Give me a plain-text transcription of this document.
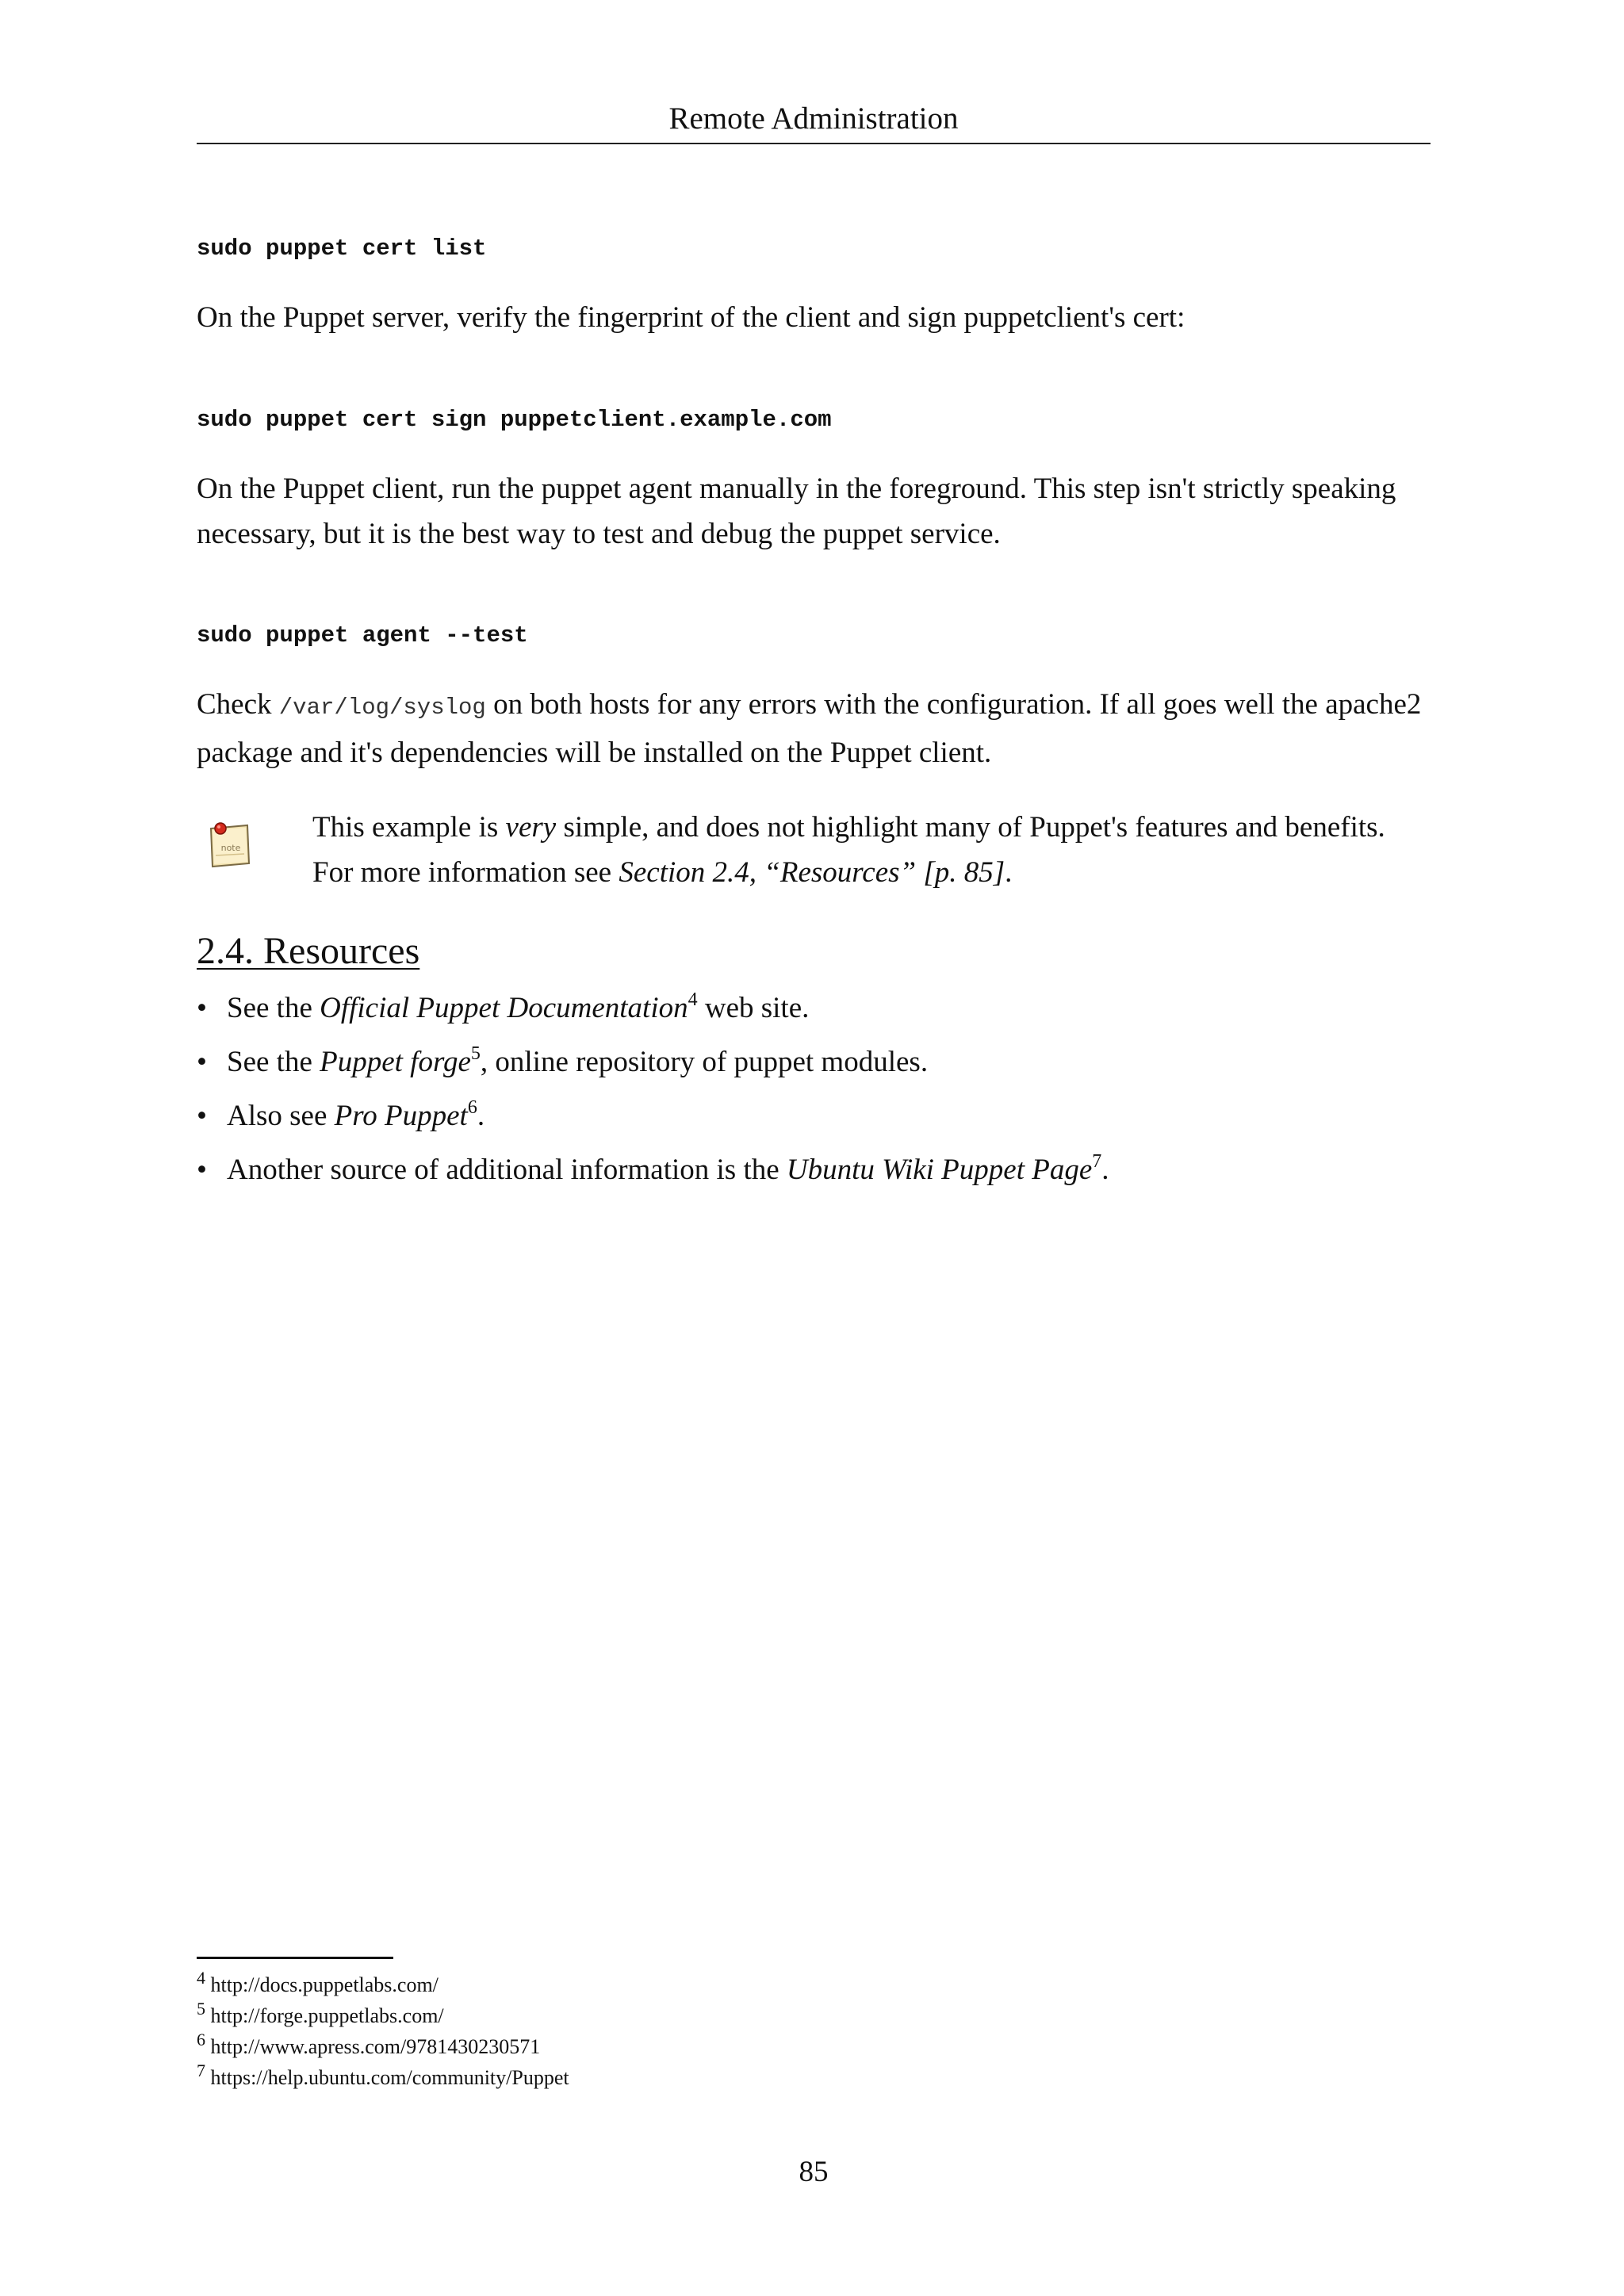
Remote Administration
sudo puppet cert list
On the Puppet server, verify the fingerprint of the client and sign puppetclient's cert:
sudo puppet cert sign puppetclient.example.com
On the Puppet client, run the puppet agent manually in the foreground. This step isn't strictly speaking necessary, but it is the best way to test and debug the puppet service.
sudo puppet agent --test
Check /var/log/syslog on both hosts for any errors with the configuration. If all goes well the apache2 package and it's dependencies will be installed on the Puppet client.
note
This example is very simple, and does not highlight many of Puppet's features and benefits. For more information see Section 2.4, “Resources” [p. 85].
2.4. Resources
• See the Official Puppet Documentation$^4$ web site.
• See the Puppet forge$^5$, online repository of puppet modules.
• Also see Pro Puppet$^6$.
• Another source of additional information is the Ubuntu Wiki Puppet Page$^7$.
$^4$ http://docs.puppetlabs.com/
$^5$ http://forge.puppetlabs.com/
$^6$ http://www.apress.com/9781430230571
$^7$ https://help.ubuntu.com/community/Puppet
85
